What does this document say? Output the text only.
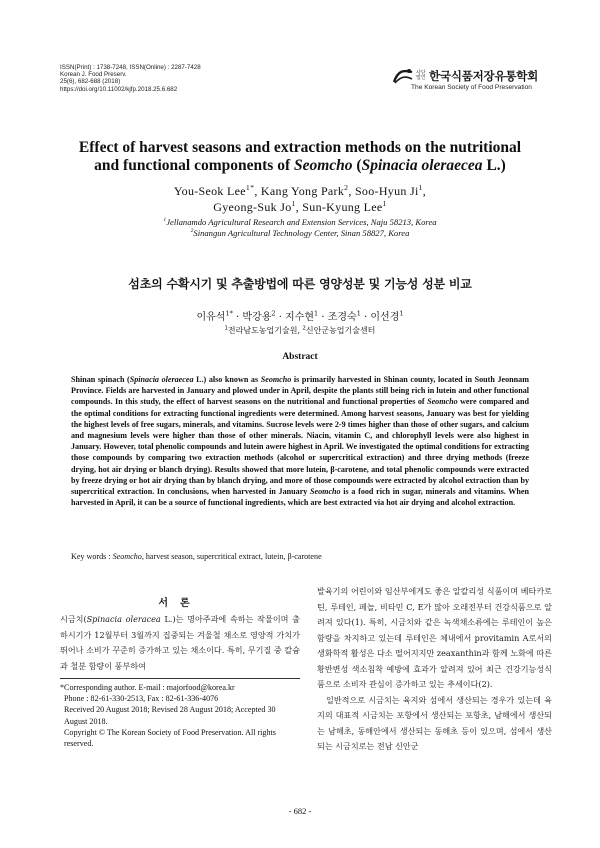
ISSN(Print) : 1738-7248, ISSN(Online) : 2287-7428
Korean J. Food Preserv.
25(6), 682-688 (2018)
https://doi.org/10.11002/kjfp.2018.25.6.682
사단 법인 한국식품저장유통학회
The Korean Society of Food Preservation
Effect of harvest seasons and extraction methods on the nutritional
and functional components of Seomcho (Spinacia oleraecea L.)
You-Seok Lee$^{1*}$, Kang Yong Park$^2$, Soo-Hyun Ji$^1$,
Gyeong-Suk Jo$^1$, Sun-Kyung Lee$^1$
$^1$Jellanamdo Agricultural Research and Extension Services, Naju 58213, Korea
$^2$Sinangun Agricultural Technology Center, Sinan 58827, Korea
섬초의 수확시기 및 추출방법에 따른 영양성분 및 기능성 성분 비교
이유석$^{1*}$ · 박강용$^2$ · 지수현$^1$ · 조경숙$^1$ · 이선경$^1$
$^1$전라남도농업기술원, $^2$신안군농업기술센터
Abstract

Shinan spinach (Spinacia oleraecea L.) also known as Seomcho is primarily harvested in Shinan county, located in South Jeonnam Province. Fields are harvested in January and plowed under in April, despite the plants still being rich in lutein and other functional compounds. In this study, the effect of harvest seasons on the nutritional and functional properties of Seomcho were compared and the optimal conditions for extracting functional ingredients were determined. Among harvest seasons, January was best for yielding the highest levels of free sugars, minerals, and vitamins. Sucrose levels were 2-9 times higher than those of other sugars, and calcium and magnesium levels were higher than those of other minerals. Niacin, vitamin C, and chlorophyll levels were also highest in January. However, total phenolic compounds and lutein awere highest in April. We investigated the optimal conditions for extracting those compounds by comparing two extraction methods (alcohol or supercritical extraction) and three drying methods (freeze drying, hot air drying or blanch drying). Results showed that more lutein, β-carotene, and total phenolic compounds were extracted by freeze drying or hot air drying than by blanch drying, and more of those compounds were extracted by alcohol extraction than by supercritical extraction. In conclusions, when harvested in January Seomcho is a food rich in sugar, minerals and vitamins. When harvested in April, it can be a source of functional ingredients, which are best extracted via hot air drying and alcohol extraction.

Key words : Seomcho, harvest season, supercritical extract, lutein, β-carotene

서론

시금치(Spinacia oleracea L.)는 명아주과에 속하는 작물이며 출하시기가 12월부터 3월까지 집중되는 겨울철 채소로 영양적 가치가 뛰어나 소비가 꾸준히 증가하고 있는 채소이다. 특히, 무기질 중 칼슘과 철분 함량이 풍부하여

*Corresponding author. E-mail : majorfood@korea.kr
Phone : 82-61-330-2513, Fax : 82-61-336-4076
Received 20 August 2018; Revised 28 August 2018; Accepted 30 August 2018.
Copyright © The Korean Society of Food Preservation. All rights reserved.

발육기의 어린이와 임산부에게도 좋은 알칼리성 식품이며 베타카로틴, 루테인, 페놀, 비타민 C, E가 많아 오래전부터 건강식품으로 알려져 있다(1). 특히, 시금치와 같은 녹색채소류에는 루테인이 높은 함량을 차지하고 있는데 루테인은 체내에서 provitamin A로서의 생화학적 활성은 다소 떨어지지만 zeaxanthin과 함께 노화에 따른 황반변성 색소침착 예방에 효과가 알려져 있어 최근 건강기능성식품으로 소비자 관심이 증가하고 있는 추세이다(2).

일반적으로 시금치는 육지와 섬에서 생산되는 경우가 있는데 육지의 대표적 시금치는 포항에서 생산되는 포항초, 남해에서 생산되는 남해초, 동해안에서 생산되는 동해초 등이 있으며, 섬에서 생산되는 시금치로는 전남 신안군

- 682 -
